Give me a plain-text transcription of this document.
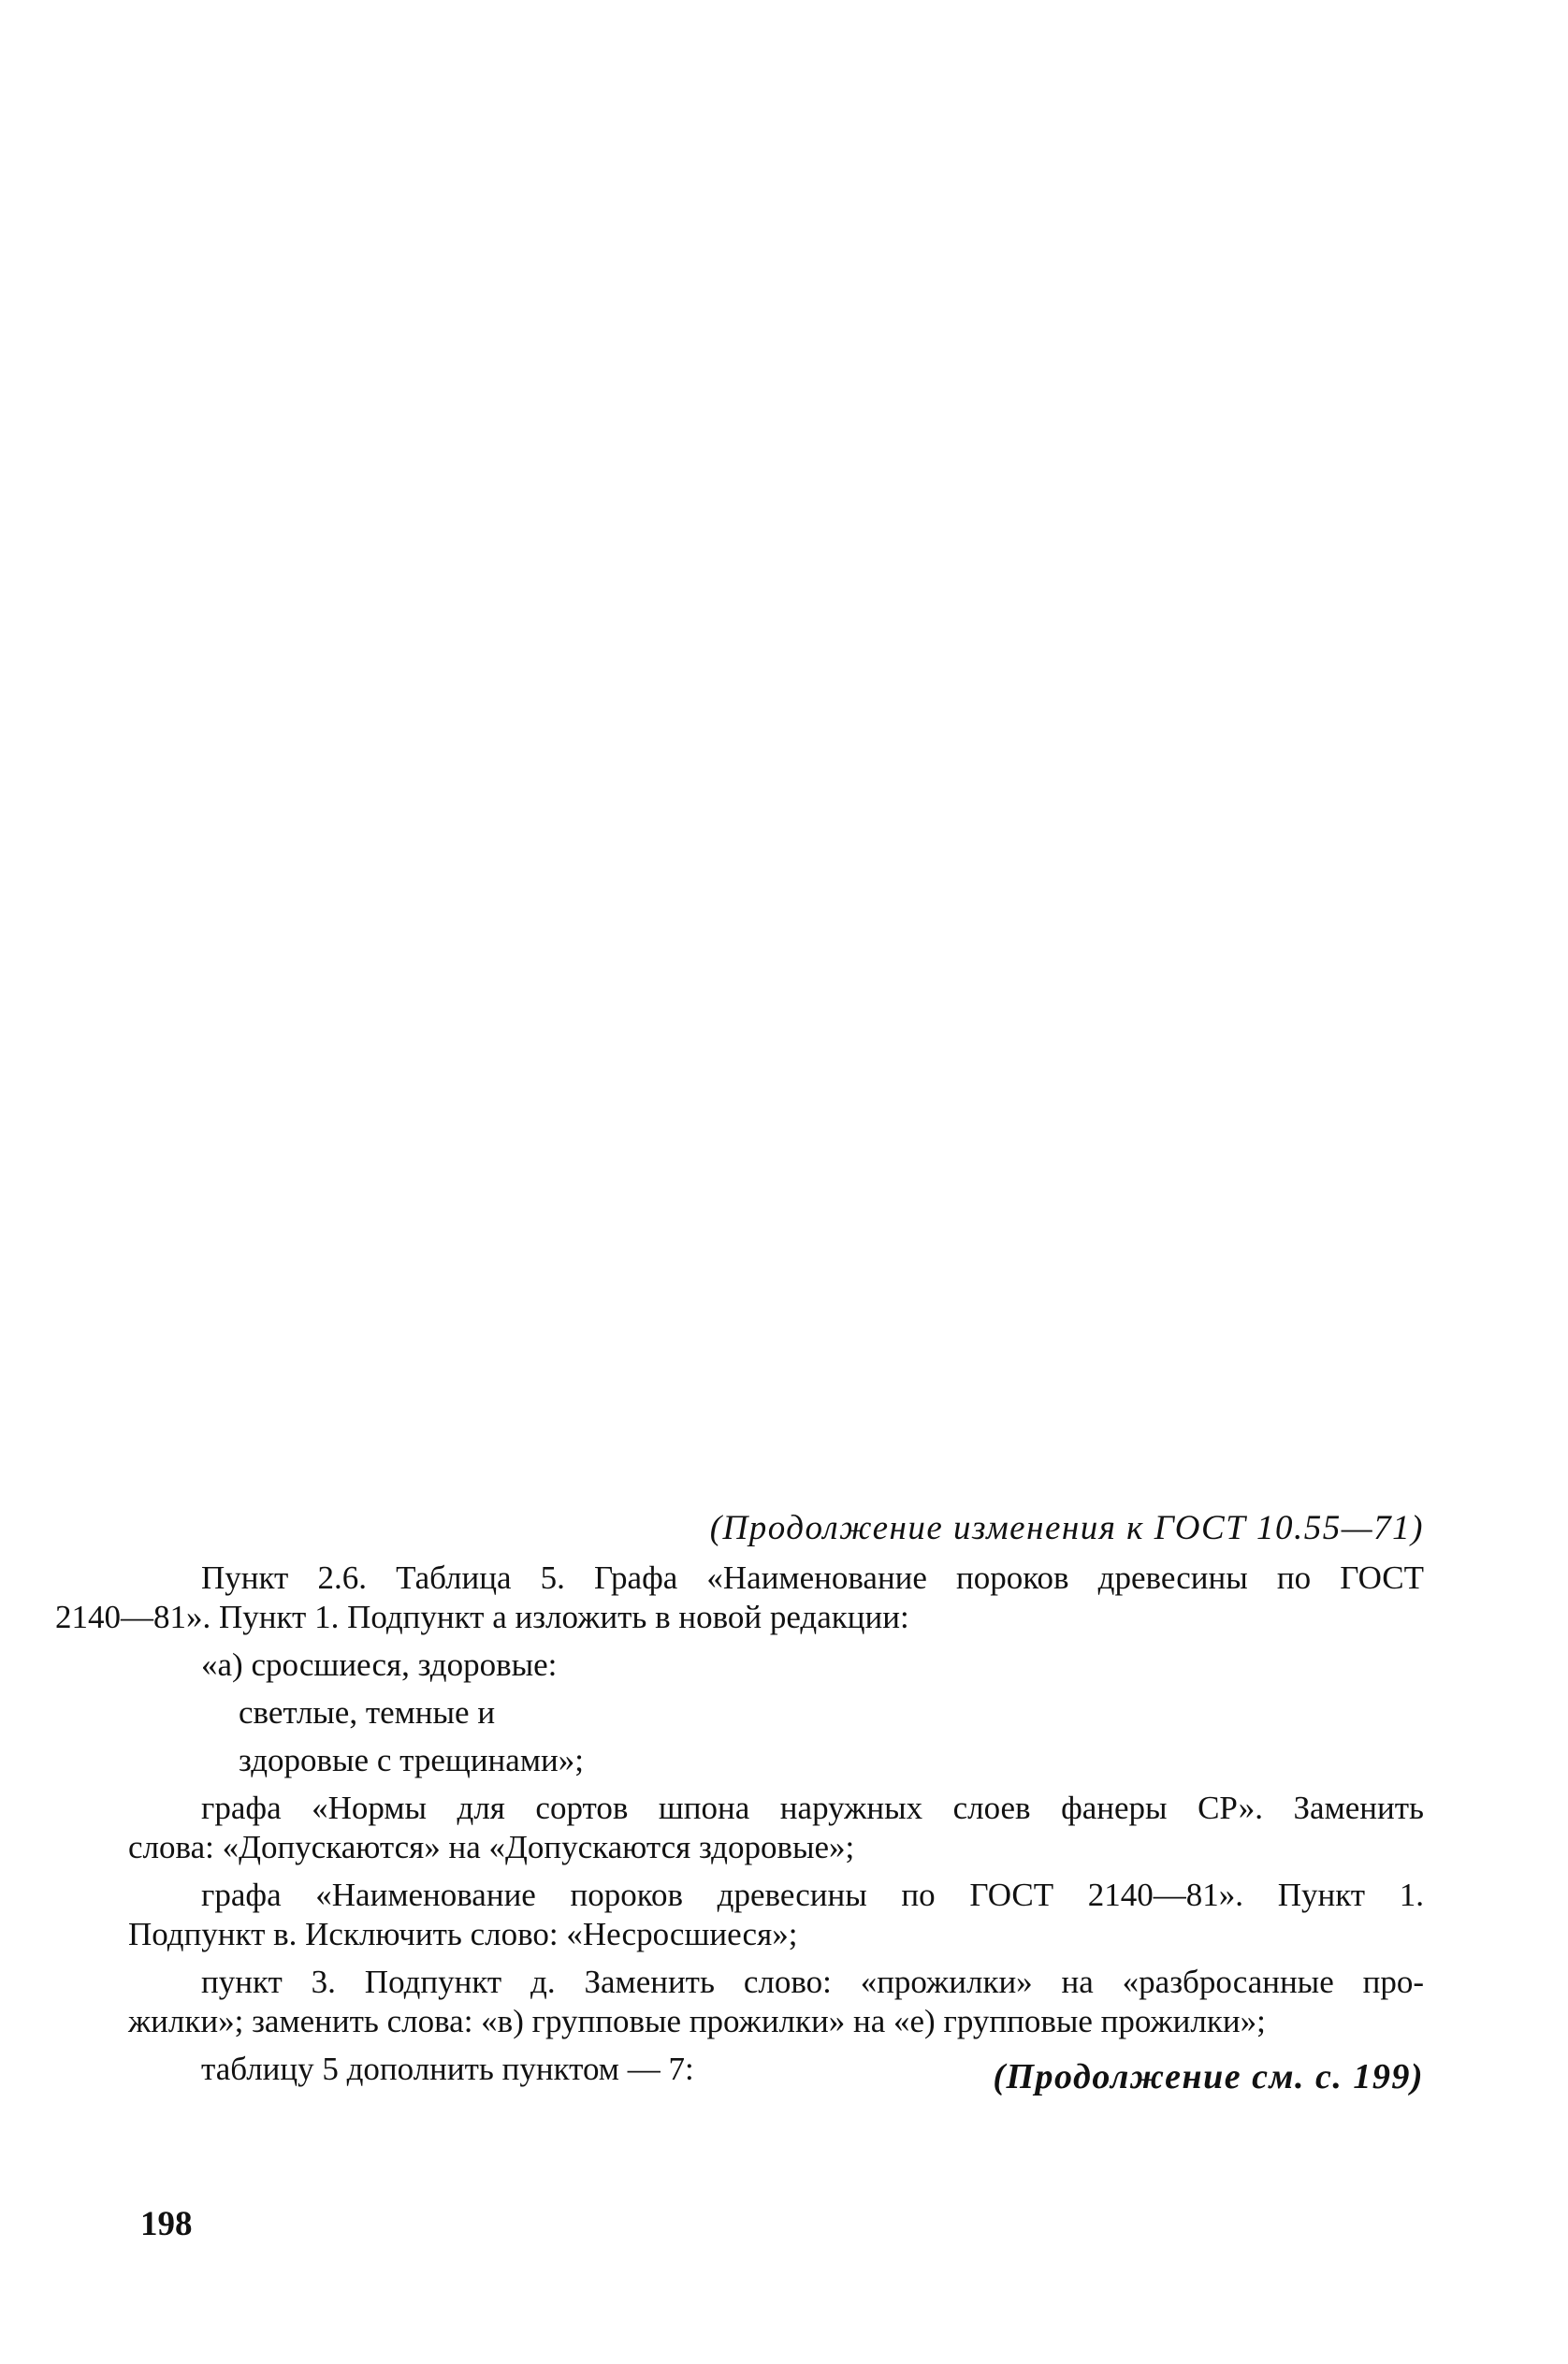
(Продолжение изменения к ГОСТ 10.55—71)

Пункт 2.6. Таблица 5. Графа «Наименование пороков древесины по ГОСТ
2140—81». Пункт 1. Подпункт а изложить в новой редакции:

«а) сросшиеся, здоровые:

светлые, темные и

здоровые с трещинами»;

графа «Нормы для сортов шпона наружных слоев фанеры СР». Заменить
слова: «Допускаются» на «Допускаются здоровые»;

графа «Наименование пороков древесины по ГОСТ 2140—81». Пункт 1.
Подпункт в. Исключить слово: «Несросшиеся»;

пункт 3. Подпункт д. Заменить слово: «прожилки» на «разбросанные про-
жилки»; заменить слова: «в) групповые прожилки» на «е) групповые прожилки»;

таблицу 5 дополнить пунктом — 7:	(Продолжение см. с. 199)
198
